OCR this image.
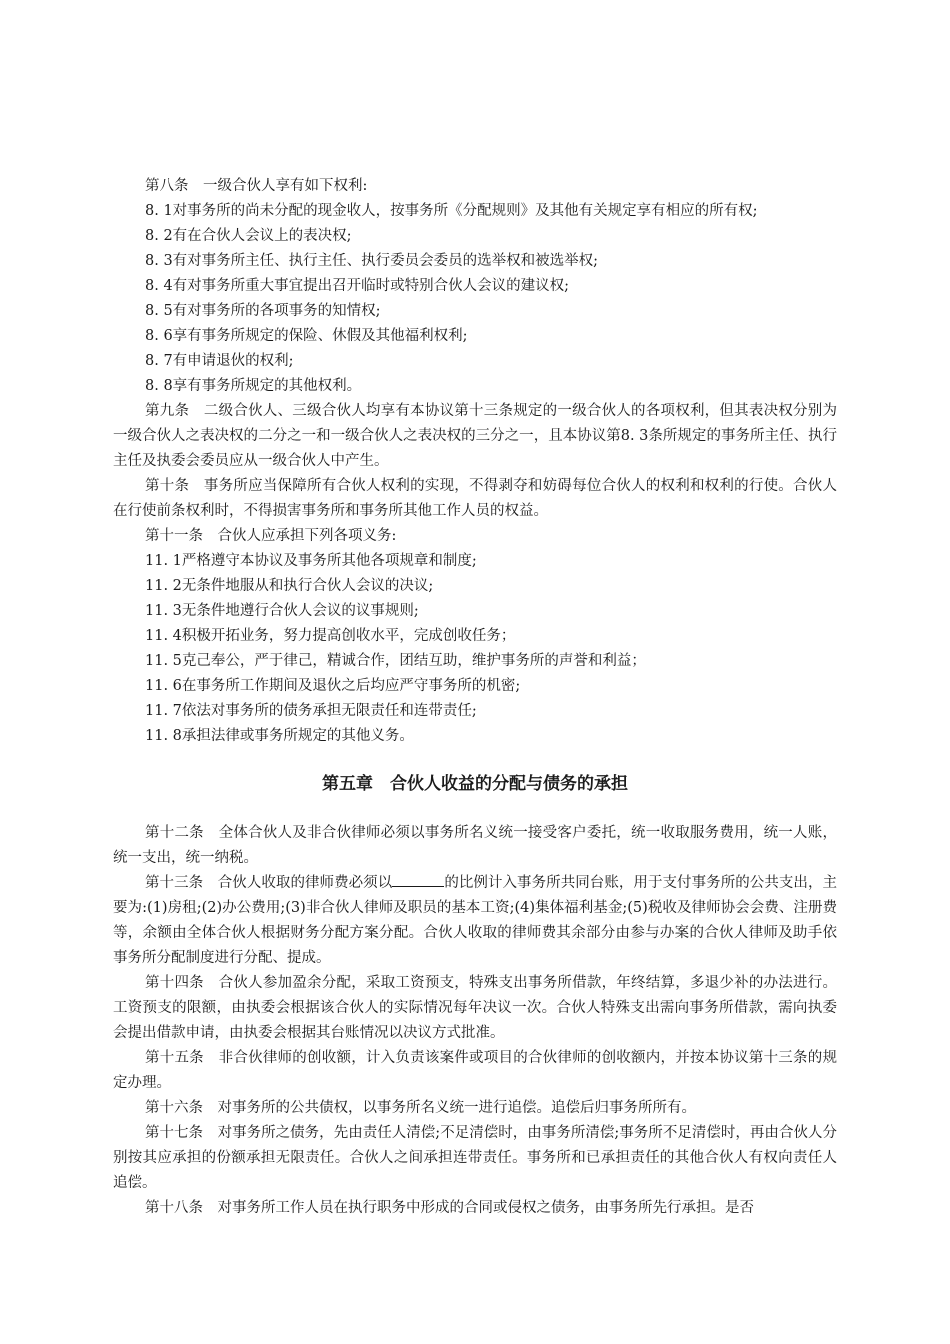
第八条　一级合伙人享有如下权利:
8. 1对事务所的尚未分配的现金收人，按事务所《分配规则》及其他有关规定享有相应的所有权;
8. 2有在合伙人会议上的表决权;
8. 3有对事务所主任、执行主任、执行委员会委员的选举权和被选举权;
8. 4有对事务所重大事宜提出召开临时或特别合伙人会议的建议权;
8. 5有对事务所的各项事务的知情权;
8. 6享有事务所规定的保险、休假及其他福利权利;
8. 7有申请退伙的权利;
8. 8享有事务所规定的其他权利。
第九条　二级合伙人、三级合伙人均享有本协议第十三条规定的一级合伙人的各项权利，但其表决权分别为一级合伙人之表决权的二分之一和一级合伙人之表决权的三分之一，且本协议第8. 3条所规定的事务所主任、执行主任及执委会委员应从一级合伙人中产生。
第十条　事务所应当保障所有合伙人权利的实现，不得剥夺和妨碍每位合伙人的权利和权利的行使。合伙人在行使前条权利时，不得损害事务所和事务所其他工作人员的权益。
第十一条　合伙人应承担下列各项义务:
11. 1严格遵守本协议及事务所其他各项规章和制度;
11. 2无条件地服从和执行合伙人会议的决议;
11. 3无条件地遵行合伙人会议的议事规则;
11. 4积极开拓业务，努力提高创收水平，完成创收任务；
11. 5克己奉公，严于律己，精诚合作，团结互助，维护事务所的声誉和利益；
11. 6在事务所工作期间及退伙之后均应严守事务所的机密;
11. 7依法对事务所的债务承担无限责任和连带责任;
11. 8承担法律或事务所规定的其他义务。
第五章　合伙人收益的分配与债务的承担
第十二条　全体合伙人及非合伙律师必须以事务所名义统一接受客户委托，统一收取服务费用，统一人账，统一支出，统一纳税。
第十三条　合伙人收取的律师费必须以	的比例计入事务所共同台账，用于支付事务所的公共支出，主要为:(1)房租;(2)办公费用;(3)非合伙人律师及职员的基本工资;(4)集体福利基金;(5)税收及律师协会会费、注册费等，余额由全体合伙人根据财务分配方案分配。合伙人收取的律师费其余部分由参与办案的合伙人律师及助手依事务所分配制度进行分配、提成。
第十四条　合伙人参加盈余分配，采取工资预支，特殊支出事务所借款，年终结算，多退少补的办法进行。工资预支的限额，由执委会根据该合伙人的实际情况每年决议一次。合伙人特殊支出需向事务所借款，需向执委会提出借款申请，由执委会根据其台账情况以决议方式批准。
第十五条　非合伙律师的创收额，计入负责该案件或项目的合伙律师的创收额内，并按本协议第十三条的规定办理。
第十六条　对事务所的公共债权，以事务所名义统一进行追偿。追偿后归事务所所有。
第十七条　对事务所之债务，先由责任人清偿;不足清偿时，由事务所清偿;事务所不足清偿时，再由合伙人分别按其应承担的份额承担无限责任。合伙人之间承担连带责任。事务所和已承担责任的其他合伙人有权向责任人追偿。
第十八条　对事务所工作人员在执行职务中形成的合同或侵权之债务，由事务所先行承担。是否
